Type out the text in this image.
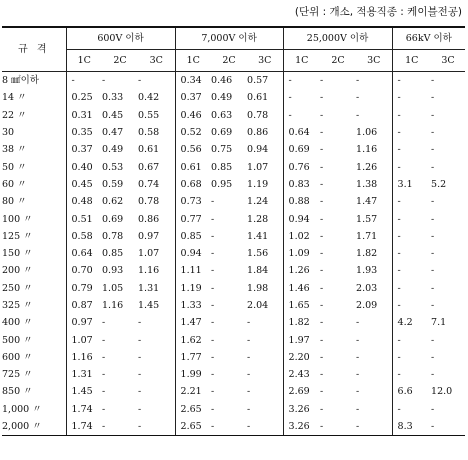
(단위 : 개소, 적용직종 : 케이블전공)
규 격	600V 이하			7,000V 이하			25,000V 이하			66kV 이하	
	1C	2C	3C	1C	2C	3C	1C	2C	3C	1C	3C
8 ㎟이하	-	-	-	0.34	0.46	0.57	-	-	-	-	-
14 〃	0.25	0.33	0.42	0.37	0.49	0.61	-	-	-	-	-
22 〃	0.31	0.45	0.55	0.46	0.63	0.78	-	-	-	-	-
30	0.35	0.47	0.58	0.52	0.69	0.86	0.64	-	1.06	-	-
38 〃	0.37	0.49	0.61	0.56	0.75	0.94	0.69	-	1.16	-	-
50 〃	0.40	0.53	0.67	0.61	0.85	1.07	0.76	-	1.26	-	-
60 〃	0.45	0.59	0.74	0.68	0.95	1.19	0.83	-	1.38	3.1	5.2
80 〃	0.48	0.62	0.78	0.73	-	1.24	0.88	-	1.47	-	-
100 〃	0.51	0.69	0.86	0.77	-	1.28	0.94	-	1.57	-	-
125 〃	0.58	0.78	0.97	0.85	-	1.41	1.02	-	1.71	-	-
150 〃	0.64	0.85	1.07	0.94	-	1.56	1.09	-	1.82	-	-
200 〃	0.70	0.93	1.16	1.11	-	1.84	1.26	-	1.93	-	-
250 〃	0.79	1.05	1.31	1.19	-	1.98	1.46	-	2.03	-	-
325 〃	0.87	1.16	1.45	1.33	-	2.04	1.65	-	2.09	-	-
400 〃	0.97	-	-	1.47	-	-	1.82	-	-	4.2	7.1
500 〃	1.07	-	-	1.62	-	-	1.97	-	-	-	-
600 〃	1.16	-	-	1.77	-	-	2.20	-	-	-	-
725 〃	1.31	-	-	1.99	-	-	2.43	-	-	-	-
850 〃	1.45	-	-	2.21	-	-	2.69	-	-	6.6	12.0
1,000 〃	1.74	-	-	2.65	-	-	3.26	-	-	-	-
2,000 〃	1.74	-	-	2.65	-	-	3.26	-	-	8.3	-
